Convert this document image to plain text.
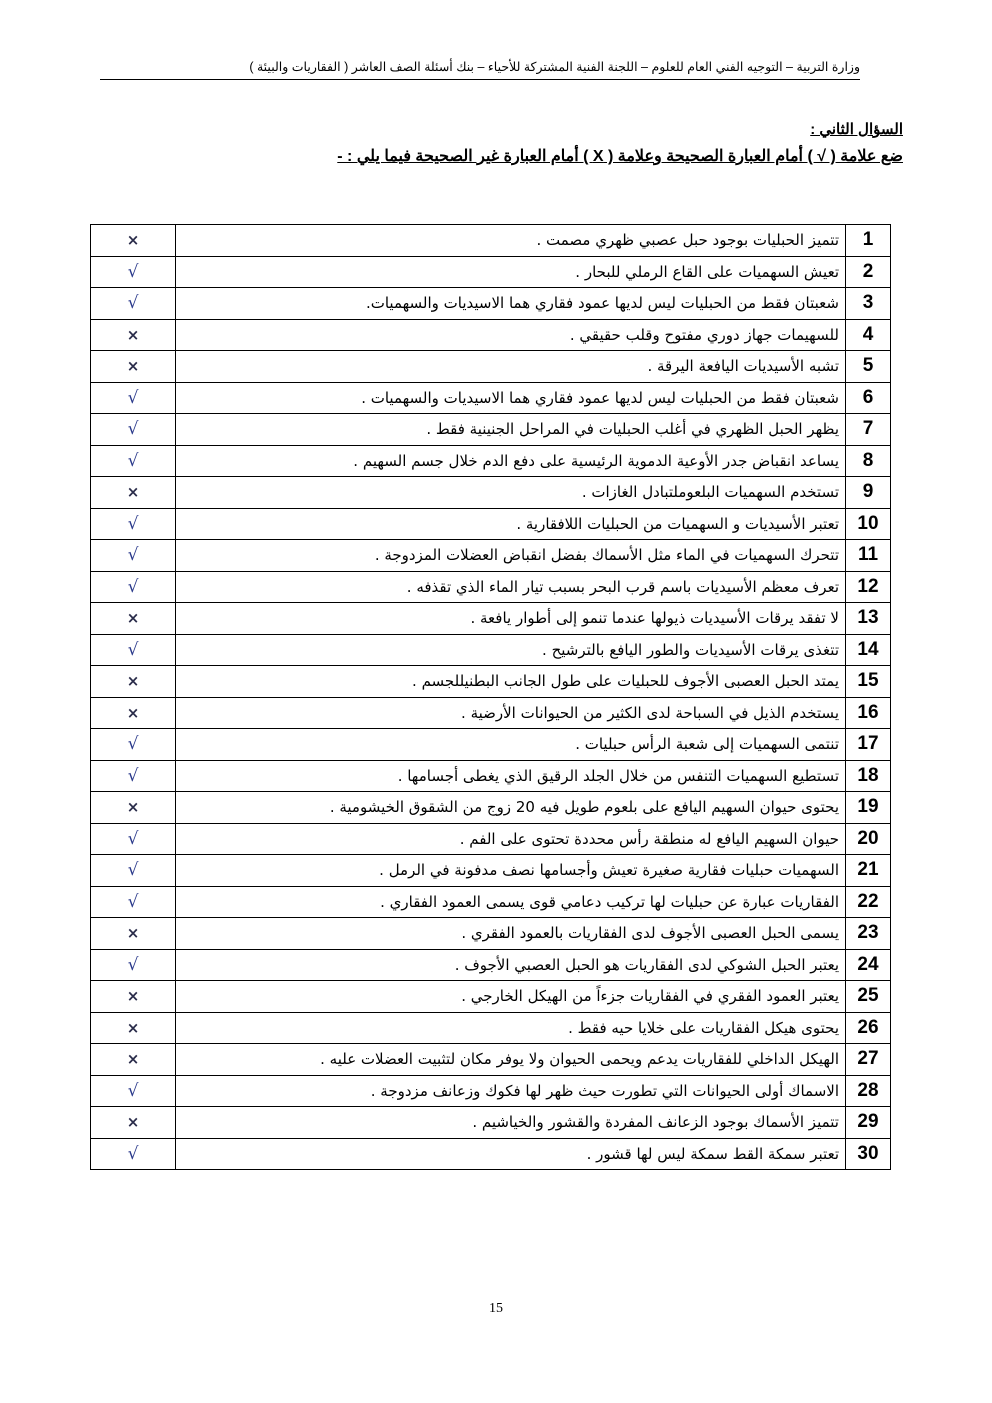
وزارة التربية – التوجيه الفني العام للعلوم – اللجنة الفنية المشتركة للأحياء – بنك أسئلة الصف العاشر ( الفقاريات والبيئة )
السؤال الثاني :
ضع علامة ( √ ) أمام العبارة الصحيحة وعلامة ( X ) أمام العبارة غير الصحيحة فيما يلي : -
1	تتميز الحبليات بوجود حبل عصبي ظهري مصمت .	×
2	تعيش السهميات على القاع الرملي للبحار .	√
3	شعبتان فقط من الحبليات ليس لديها عمود فقاري هما الاسيديات والسهميات.	√
4	للسهيمات جهاز دوري مفتوح وقلب حقيقي .	×
5	تشبه الأسيديات اليافعة اليرقة .	×
6	شعبتان فقط من الحبليات ليس لديها عمود فقاري هما الاسيديات والسهميات .	√
7	يظهر الحبل الظهري في أغلب الحبليات في المراحل الجنينية فقط .	√
8	يساعد انقباض جدر الأوعية الدموية الرئيسية على دفع الدم خلال جسم السهيم .	√
9	تستخدم السهميات البلعوملتبادل الغازات .	×
10	تعتبر الأسيديات و السهميات من الحبليات اللافقارية .	√
11	تتحرك السهميات في الماء مثل الأسماك بفضل انقباض العضلات المزدوجة .	√
12	تعرف معظم الأسيديات باسم قرب البحر بسبب تيار الماء الذي تقذفه .	√
13	لا تفقد يرقات الأسيديات ذيولها عندما تنمو إلى أطوار يافعة .	×
14	تتغذى يرقات الأسيديات والطور اليافع بالترشيح .	√
15	يمتد الحبل العصبى الأجوف للحبليات على طول الجانب البطنيللجسم .	×
16	يستخدم الذيل في السباحة لدى الكثير من الحيوانات الأرضية .	×
17	تنتمى السهميات إلى شعبة الرأس حبليات .	√
18	تستطيع السهميات التنفس من خلال الجلد الرقيق الذي يغطى أجسامها .	√
19	يحتوى حيوان السهيم اليافع على بلعوم طويل فيه 20 زوج من الشقوق الخيشومية .	×
20	حيوان السهيم اليافع له منطقة رأس محددة تحتوى على الفم .	√
21	السهميات حبليات فقارية صغيرة تعيش وأجسامها نصف مدفونة في الرمل .	√
22	الفقاريات عبارة عن حبليات لها تركيب دعامي قوى يسمى العمود الفقاري .	√
23	يسمى الحبل العصبى الأجوف لدى الفقاريات بالعمود الفقري .	×
24	يعتبر الحبل الشوكي لدى الفقاريات هو الحبل العصبي الأجوف .	√
25	يعتبر العمود الفقري في الفقاريات جزءاً من الهيكل الخارجي .	×
26	يحتوى هيكل الفقاريات على خلايا حيه فقط .	×
27	الهيكل الداخلي للفقاريات يدعم ويحمى الحيوان ولا يوفر مكان لتثبيت العضلات عليه .	×
28	الاسماك أولى الحيوانات التي تطورت حيث ظهر لها فكوك وزعانف مزدوجة .	√
29	تتميز الأسماك بوجود الزعانف المفردة والقشور والخياشيم .	×
30	تعتبر سمكة القط سمكة ليس لها قشور .	√
15
